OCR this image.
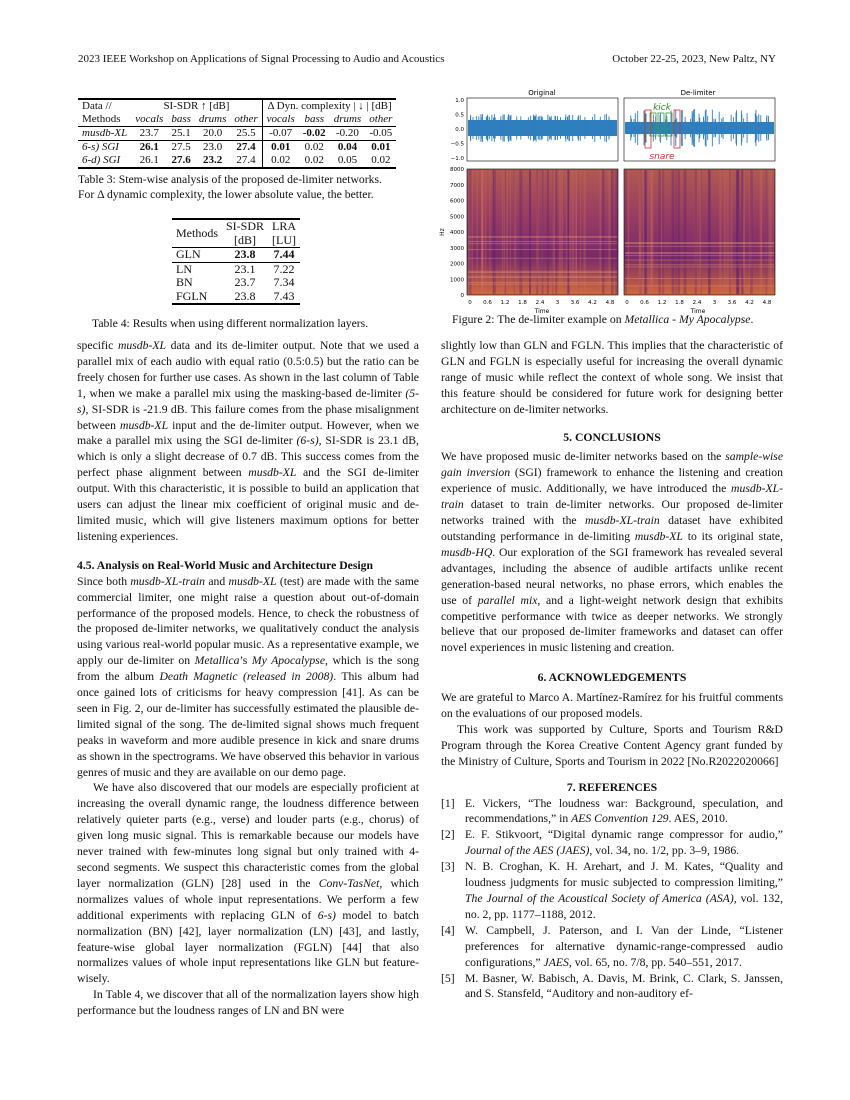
2023 IEEE Workshop on Applications of Signal Processing to Audio and Acoustics	October 22-25, 2023, New Paltz, NY
Data //	SI-SDR ↑ [dB]				Δ Dyn. complexity | ↓ | [dB]			
Methods	vocals	bass	drums	other	vocals	bass	drums	other
musdb-XL	23.7	25.1	20.0	25.5	-0.07	-0.02	-0.20	-0.05
6-s) SGI	26.1	27.5	23.0	27.4	0.01	0.02	0.04	0.01
6-d) SGI	26.1	27.6	23.2	27.4	0.02	0.02	0.05	0.02
Table 3: Stem-wise analysis of the proposed de-limiter networks. For Δ dynamic complexity, the lower absolute value, the better.
Methods	SI-SDR	LRA
	[dB]	[LU]
GLN	23.8	7.44
LN	23.1	7.22
BN	23.7	7.34
FGLN	23.8	7.43
Table 4: Results when using different normalization layers.
Original	De-limiter
kick
snare
1.0
0.5
0.0
−0.5
−1.0
8000
7000
6000
5000
4000
3000
2000
1000
0
Hz
0 0.6 1.2 1.8 2.4 3 3.6 4.2 4.8 0 0.6 1.2 1.8 2.4 3 3.6 4.2 4.8
Time	Time
Figure 2: The de-limiter example on Metallica - My Apocalypse.

specific musdb-XL data and its de-limiter output. Note that we used a parallel mix of each audio with equal ratio (0.5:0.5) but the ratio can be freely chosen for further use cases. As shown in the last column of Table 1, when we make a parallel mix using the masking-based de-limiter (5-s), SI-SDR is -21.9 dB. This failure comes from the phase misalignment between musdb-XL input and the de-limiter output. However, when we make a parallel mix using the SGI de-limiter (6-s), SI-SDR is 23.1 dB, which is only a slight decrease of 0.7 dB. This success comes from the perfect phase alignment between musdb-XL and the SGI de-limiter output. With this characteristic, it is possible to build an application that users can adjust the linear mix coefficient of original music and de-limited music, which will give listeners maximum options for better listening experiences.

4.5. Analysis on Real-World Music and Architecture Design

Since both musdb-XL-train and musdb-XL (test) are made with the same commercial limiter, one might raise a question about out-of-domain performance of the proposed models. Hence, to check the robustness of the proposed de-limiter networks, we qualitatively conduct the analysis using various real-world popular music. As a representative example, we apply our de-limiter on Metallica’s My Apocalypse, which is the song from the album Death Magnetic (released in 2008). This album had once gained lots of criticisms for heavy compression [41]. As can be seen in Fig. 2, our de-limiter has successfully estimated the plausible de-limited signal of the song. The de-limited signal shows much frequent peaks in waveform and more audible presence in kick and snare drums as shown in the spectrograms. We have observed this behavior in various genres of music and they are available on our demo page.

We have also discovered that our models are especially proficient at increasing the overall dynamic range, the loudness difference between relatively quieter parts (e.g., verse) and louder parts (e.g., chorus) of given long music signal. This is remarkable because our models have never trained with few-minutes long signal but only trained with 4-second segments. We suspect this characteristic comes from the global layer normalization (GLN) [28] used in the Conv-TasNet, which normalizes values of whole input representations. We perform a few additional experiments with replacing GLN of 6-s) model to batch normalization (BN) [42], layer normalization (LN) [43], and lastly, feature-wise global layer normalization (FGLN) [44] that also normalizes values of whole input representations like GLN but feature-wisely.

In Table 4, we discover that all of the normalization layers show high performance but the loudness ranges of LN and BN were

slightly low than GLN and FGLN. This implies that the characteristic of GLN and FGLN is especially useful for increasing the overall dynamic range of music while reflect the context of whole song. We insist that this feature should be considered for future work for designing better architecture on de-limiter networks.

5. CONCLUSIONS

We have proposed music de-limiter networks based on the sample-wise gain inversion (SGI) framework to enhance the listening and creation experience of music. Additionally, we have introduced the musdb-XL-train dataset to train de-limiter networks. Our proposed de-limiter networks trained with the musdb-XL-train dataset have exhibited outstanding performance in de-limiting musdb-XL to its original state, musdb-HQ. Our exploration of the SGI framework has revealed several advantages, including the absence of audible artifacts unlike recent generation-based neural networks, no phase errors, which enables the use of parallel mix, and a light-weight network design that exhibits competitive performance with twice as deeper networks. We strongly believe that our proposed de-limiter frameworks and dataset can offer novel experiences in music listening and creation.

6. ACKNOWLEDGEMENTS

We are grateful to Marco A. Martínez-Ramírez for his fruitful comments on the evaluations of our proposed models.

This work was supported by Culture, Sports and Tourism R&D Program through the Korea Creative Content Agency grant funded by the Ministry of Culture, Sports and Tourism in 2022 [No.R2022020066]

7. REFERENCES

[1] E. Vickers, “The loudness war: Background, speculation, and recommendations,” in AES Convention 129. AES, 2010.
[2] E. F. Stikvoort, “Digital dynamic range compressor for audio,” Journal of the AES (JAES), vol. 34, no. 1/2, pp. 3–9, 1986.
[3] N. B. Croghan, K. H. Arehart, and J. M. Kates, “Quality and loudness judgments for music subjected to compression limiting,” The Journal of the Acoustical Society of America (ASA), vol. 132, no. 2, pp. 1177–1188, 2012.
[4] W. Campbell, J. Paterson, and I. Van der Linde, “Listener preferences for alternative dynamic-range-compressed audio configurations,” JAES, vol. 65, no. 7/8, pp. 540–551, 2017.
[5] M. Basner, W. Babisch, A. Davis, M. Brink, C. Clark, S. Janssen, and S. Stansfeld, “Auditory and non-auditory ef-
